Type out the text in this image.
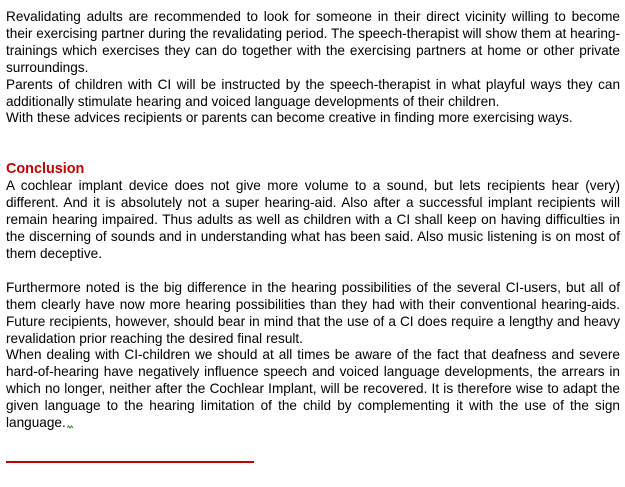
Revalidating adults are recommended to look for someone in their direct vicinity willing to become their exercising partner during the revalidating period. The speech-therapist will show them at hearing-trainings which exercises they can do together with the exercising partners at home or other private surroundings.

Parents of children with CI will be instructed by the speech-therapist in what playful ways they can additionally stimulate hearing and voiced language developments of their children.

With these advices recipients or parents can become creative in finding more exercising ways.

Conclusion

A cochlear implant device does not give more volume to a sound, but lets recipients hear (very) different. And it is absolutely not a super hearing-aid. Also after a successful implant recipients will remain hearing impaired. Thus adults as well as children with a CI shall keep on having difficulties in the discerning of sounds and in understanding what has been said. Also music listening is on most of them deceptive.

Furthermore noted is the big difference in the hearing possibilities of the several CI-users, but all of them clearly have now more hearing possibilities than they had with their conventional hearing-aids. Future recipients, however, should bear in mind that the use of a CI does require a lengthy and heavy revalidation prior reaching the desired final result.

When dealing with CI-children we should at all times be aware of the fact that deafness and severe hard-of-hearing have negatively influence speech and voiced language developments, the arrears in which no longer, neither after the Cochlear Implant, will be recovered. It is therefore wise to adapt the given language to the hearing limitation of the child by complementing it with the use of the sign language.
